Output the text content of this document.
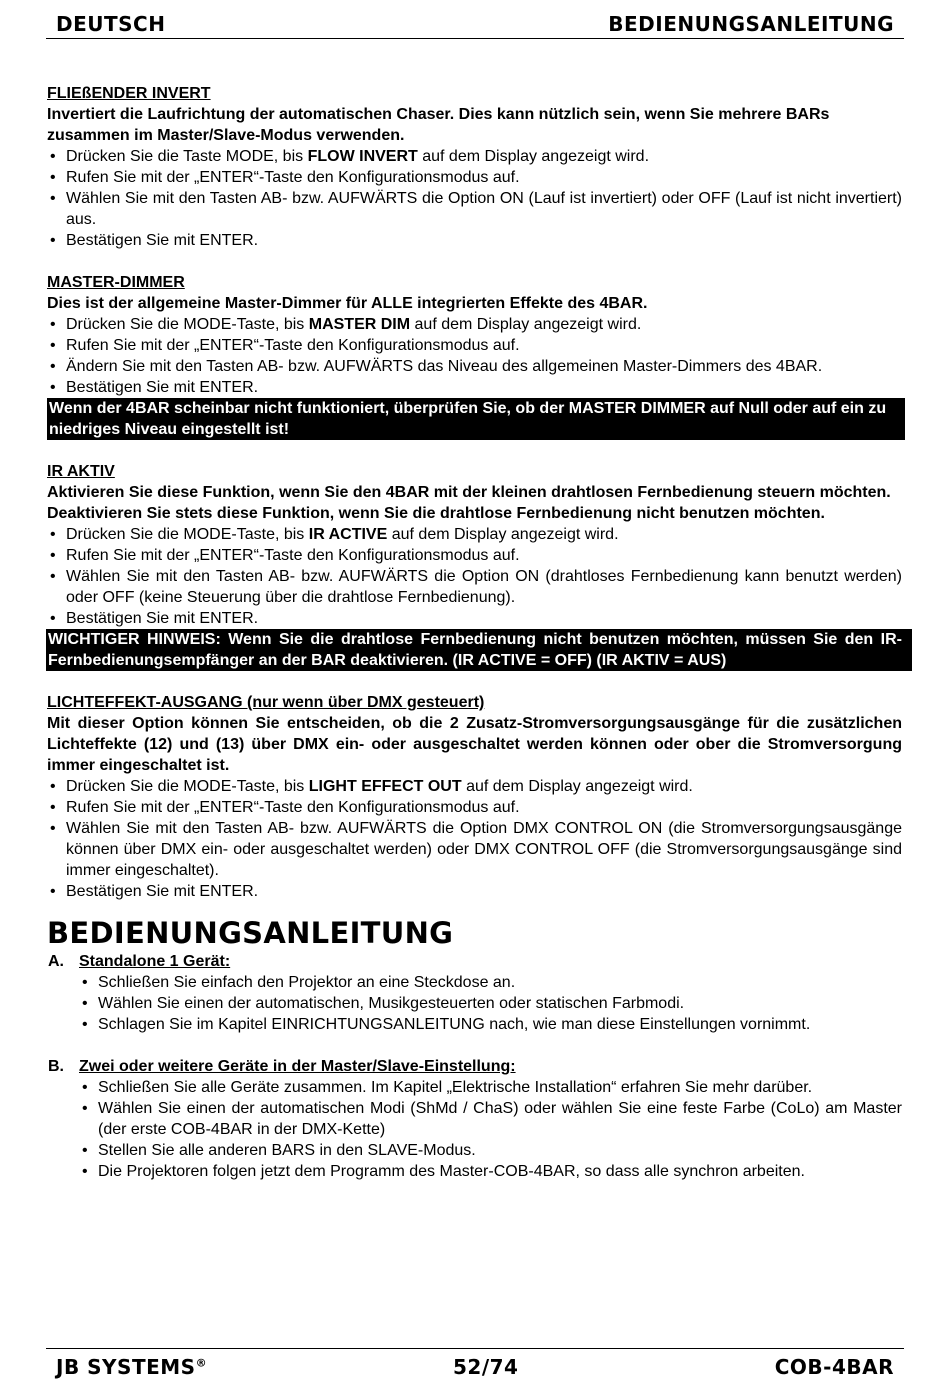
DEUTSCH	BEDIENUNGSANLEITUNG
FLIEßENDER INVERT
Invertiert die Laufrichtung der automatischen Chaser. Dies kann nützlich sein, wenn Sie mehrere BARs zusammen im Master/Slave-Modus verwenden.
• Drücken Sie die Taste MODE, bis FLOW INVERT auf dem Display angezeigt wird.
• Rufen Sie mit der „ENTER“-Taste den Konfigurationsmodus auf.
• Wählen Sie mit den Tasten AB- bzw. AUFWÄRTS die Option ON (Lauf ist invertiert) oder OFF (Lauf ist nicht invertiert) aus.
• Bestätigen Sie mit ENTER.
MASTER-DIMMER
Dies ist der allgemeine Master-Dimmer für ALLE integrierten Effekte des 4BAR.
• Drücken Sie die MODE-Taste, bis MASTER DIM auf dem Display angezeigt wird.
• Rufen Sie mit der „ENTER“-Taste den Konfigurationsmodus auf.
• Ändern Sie mit den Tasten AB- bzw. AUFWÄRTS das Niveau des allgemeinen Master-Dimmers des 4BAR.
• Bestätigen Sie mit ENTER.
Wenn der 4BAR scheinbar nicht funktioniert, überprüfen Sie, ob der MASTER DIMMER auf Null oder auf ein zu niedriges Niveau eingestellt ist!
IR AKTIV
Aktivieren Sie diese Funktion, wenn Sie den 4BAR mit der kleinen drahtlosen Fernbedienung steuern möchten.
Deaktivieren Sie stets diese Funktion, wenn Sie die drahtlose Fernbedienung nicht benutzen möchten.
• Drücken Sie die MODE-Taste, bis IR ACTIVE auf dem Display angezeigt wird.
• Rufen Sie mit der „ENTER“-Taste den Konfigurationsmodus auf.
• Wählen Sie mit den Tasten AB- bzw. AUFWÄRTS die Option ON (drahtloses Fernbedienung kann benutzt werden) oder OFF (keine Steuerung über die drahtlose Fernbedienung).
• Bestätigen Sie mit ENTER.
WICHTIGER HINWEIS: Wenn Sie die drahtlose Fernbedienung nicht benutzen möchten, müssen Sie den IR-Fernbedienungsempfänger an der BAR deaktivieren. (IR ACTIVE = OFF) (IR AKTIV = AUS)
LICHTEFFEKT-AUSGANG (nur wenn über DMX gesteuert)
Mit dieser Option können Sie entscheiden, ob die 2 Zusatz-Stromversorgungsausgänge für die zusätzlichen Lichteffekte (12) und (13) über DMX ein- oder ausgeschaltet werden können oder ober die Stromversorgung immer eingeschaltet ist.
• Drücken Sie die MODE-Taste, bis LIGHT EFFECT OUT auf dem Display angezeigt wird.
• Rufen Sie mit der „ENTER“-Taste den Konfigurationsmodus auf.
• Wählen Sie mit den Tasten AB- bzw. AUFWÄRTS die Option DMX CONTROL ON (die Stromversorgungsausgänge können über DMX ein- oder ausgeschaltet werden) oder DMX CONTROL OFF (die Stromversorgungsausgänge sind immer eingeschaltet).
• Bestätigen Sie mit ENTER.
BEDIENUNGSANLEITUNG
A. Standalone 1 Gerät:
• Schließen Sie einfach den Projektor an eine Steckdose an.
• Wählen Sie einen der automatischen, Musikgesteuerten oder statischen Farbmodi.
• Schlagen Sie im Kapitel EINRICHTUNGSANLEITUNG nach, wie man diese Einstellungen vornimmt.
B. Zwei oder weitere Geräte in der Master/Slave-Einstellung:
• Schließen Sie alle Geräte zusammen. Im Kapitel „Elektrische Installation“ erfahren Sie mehr darüber.
• Wählen Sie einen der automatischen Modi (ShMd / ChaS) oder wählen Sie eine feste Farbe (CoLo) am Master (der erste COB-4BAR in der DMX-Kette)
• Stellen Sie alle anderen BARS in den SLAVE-Modus.
• Die Projektoren folgen jetzt dem Programm des Master-COB-4BAR, so dass alle synchron arbeiten.
JB SYSTEMS®	52/74	COB-4BAR
